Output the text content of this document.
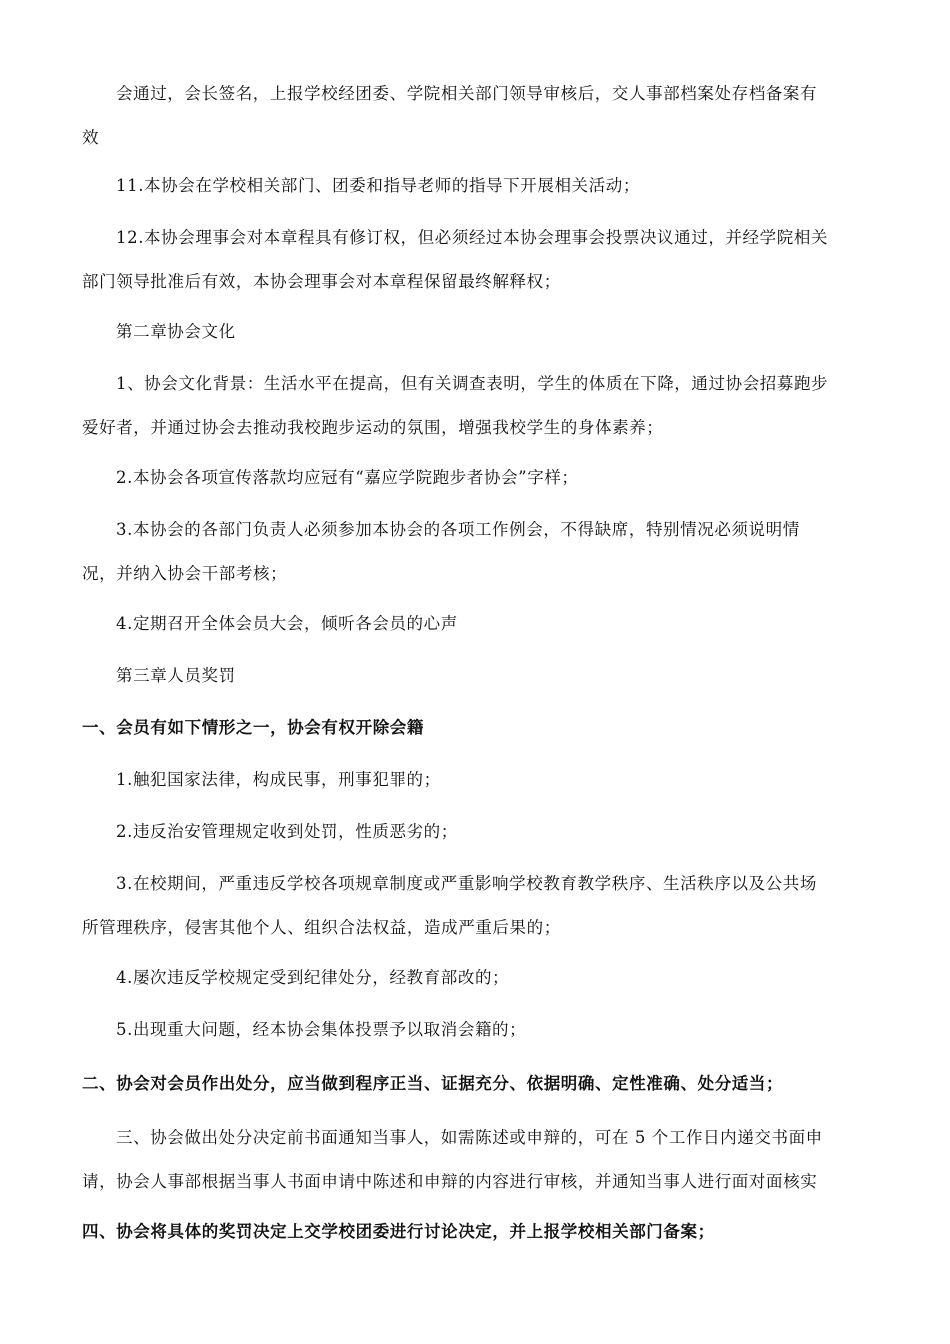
会通过，会长签名，上报学校经团委、学院相关部门领导审核后，交人事部档案处存档备案有
效

11.本协会在学校相关部门、团委和指导老师的指导下开展相关活动；

12.本协会理事会对本章程具有修订权，但必须经过本协会理事会投票决议通过，并经学院相关
部门领导批准后有效，本协会理事会对本章程保留最终解释权；

第二章协会文化

1、协会文化背景：生活水平在提高，但有关调查表明，学生的体质在下降，通过协会招募跑步
爱好者，并通过协会去推动我校跑步运动的氛围，增强我校学生的身体素养；

2.本协会各项宣传落款均应冠有“嘉应学院跑步者协会”字样；

3.本协会的各部门负责人必须参加本协会的各项工作例会，不得缺席，特别情况必须说明情
况，并纳入协会干部考核；

4.定期召开全体会员大会，倾听各会员的心声

第三章人员奖罚

一、会员有如下情形之一，协会有权开除会籍

1.触犯国家法律，构成民事，刑事犯罪的；

2.违反治安管理规定收到处罚，性质恶劣的；

3.在校期间，严重违反学校各项规章制度或严重影响学校教育教学秩序、生活秩序以及公共场
所管理秩序，侵害其他个人、组织合法权益，造成严重后果的；

4.屡次违反学校规定受到纪律处分，经教育部改的；

5.出现重大问题，经本协会集体投票予以取消会籍的；

二、协会对会员作出处分，应当做到程序正当、证据充分、依据明确、定性准确、处分适当；

三、协会做出处分决定前书面通知当事人，如需陈述或申辩的，可在 5 个工作日内递交书面申
请，协会人事部根据当事人书面申请中陈述和申辩的内容进行审核，并通知当事人进行面对面核实

四、协会将具体的奖罚决定上交学校团委进行讨论决定，并上报学校相关部门备案；
